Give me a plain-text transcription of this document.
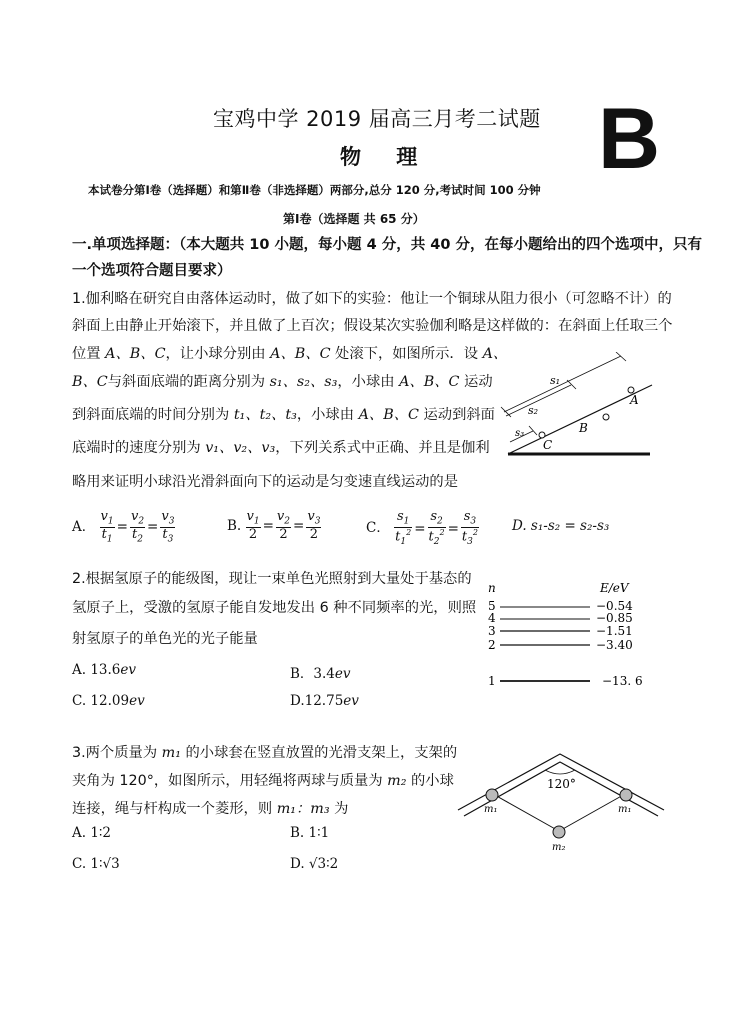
宝鸡中学 2019 届高三月考二试题
物 理 B
本试卷分第Ⅰ卷（选择题）和第Ⅱ卷（非选择题）两部分,总分 120 分,考试时间 100 分钟
第Ⅰ卷（选择题 共 65 分）
一.单项选择题：（本大题共 10 小题，每小题 4 分，共 40 分，在每小题给出的四个选项中，只有
一个选项符合题目要求）
1.伽利略在研究自由落体运动时，做了如下的实验：他让一个铜球从阻力很小（可忽略不计）的
斜面上由静止开始滚下，并且做了上百次；假设某次实验伽利略是这样做的：在斜面上任取三个
位置 A、B、C，让小球分别由 A、B、C 处滚下，如图所示．设 A、
B、C与斜面底端的距离分别为 s₁、s₂、s₃，小球由 A、B、C 运动
到斜面底端的时间分别为 t₁、t₂、t₃，小球由 A、B、C 运动到斜面
底端时的速度分别为 v₁、v₂、v₃，下列关系式中正确、并且是伽利
略用来证明小球沿光滑斜面向下的运动是匀变速直线运动的是
s₁
s₂
s₃
A
B
C
A． $\frac{v_1}{t_1} = \frac{v_2}{t_2} = \frac{v_3}{t_3}$	B. $\frac{v_1}{2} = \frac{v_2}{2} = \frac{v_3}{2}$	C． $\frac{s_1}{t_1^2} = \frac{s_2}{t_2^2} = \frac{s_3}{t_3^2} D$. s₁-s₂ = s₂-s₃
2.根据氢原子的能级图，现让一束单色光照射到大量处于基态的
氢原子上，受激的氢原子能自发地发出 6 种不同频率的光，则照
射氢原子的单色光的光子能量
A. 13.6ev	B．3.4ev
C. 12.09ev	D.12.75ev
n	E/eV
5	−0.54
4	−0.85
3	−1.51
2	−3.40
1	−13. 6
3.两个质量为 m₁ 的小球套在竖直放置的光滑支架上，支架的
夹角为 120°，如图所示，用轻绳将两球与质量为 m₂ 的小球
连接，绳与杆构成一个菱形，则 m₁：m₃ 为
A. 1∶2	B. 1∶1
C. 1∶√3	D. √3∶2
120°
m₁	m₁
m₂
